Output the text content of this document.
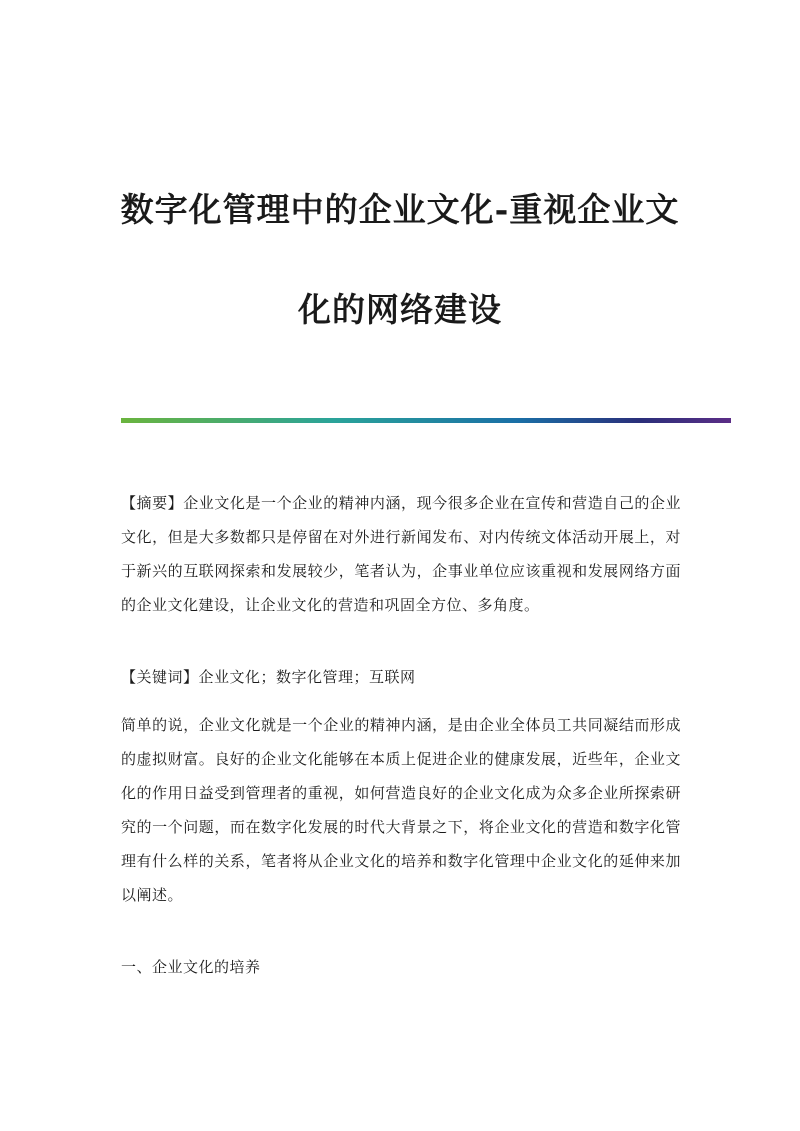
数字化管理中的企业文化-重视企业文化的网络建设

【摘要】企业文化是一个企业的精神内涵，现今很多企业在宣传和营造自己的企业文化，但是大多数都只是停留在对外进行新闻发布、对内传统文体活动开展上，对于新兴的互联网探索和发展较少，笔者认为，企事业单位应该重视和发展网络方面的企业文化建设，让企业文化的营造和巩固全方位、多角度。

【关键词】企业文化；数字化管理；互联网

简单的说，企业文化就是一个企业的精神内涵，是由企业全体员工共同凝结而形成的虚拟财富。良好的企业文化能够在本质上促进企业的健康发展，近些年，企业文化的作用日益受到管理者的重视，如何营造良好的企业文化成为众多企业所探索研究的一个问题，而在数字化发展的时代大背景之下，将企业文化的营造和数字化管理有什么样的关系，笔者将从企业文化的培养和数字化管理中企业文化的延伸来加以阐述。

一、企业文化的培养
